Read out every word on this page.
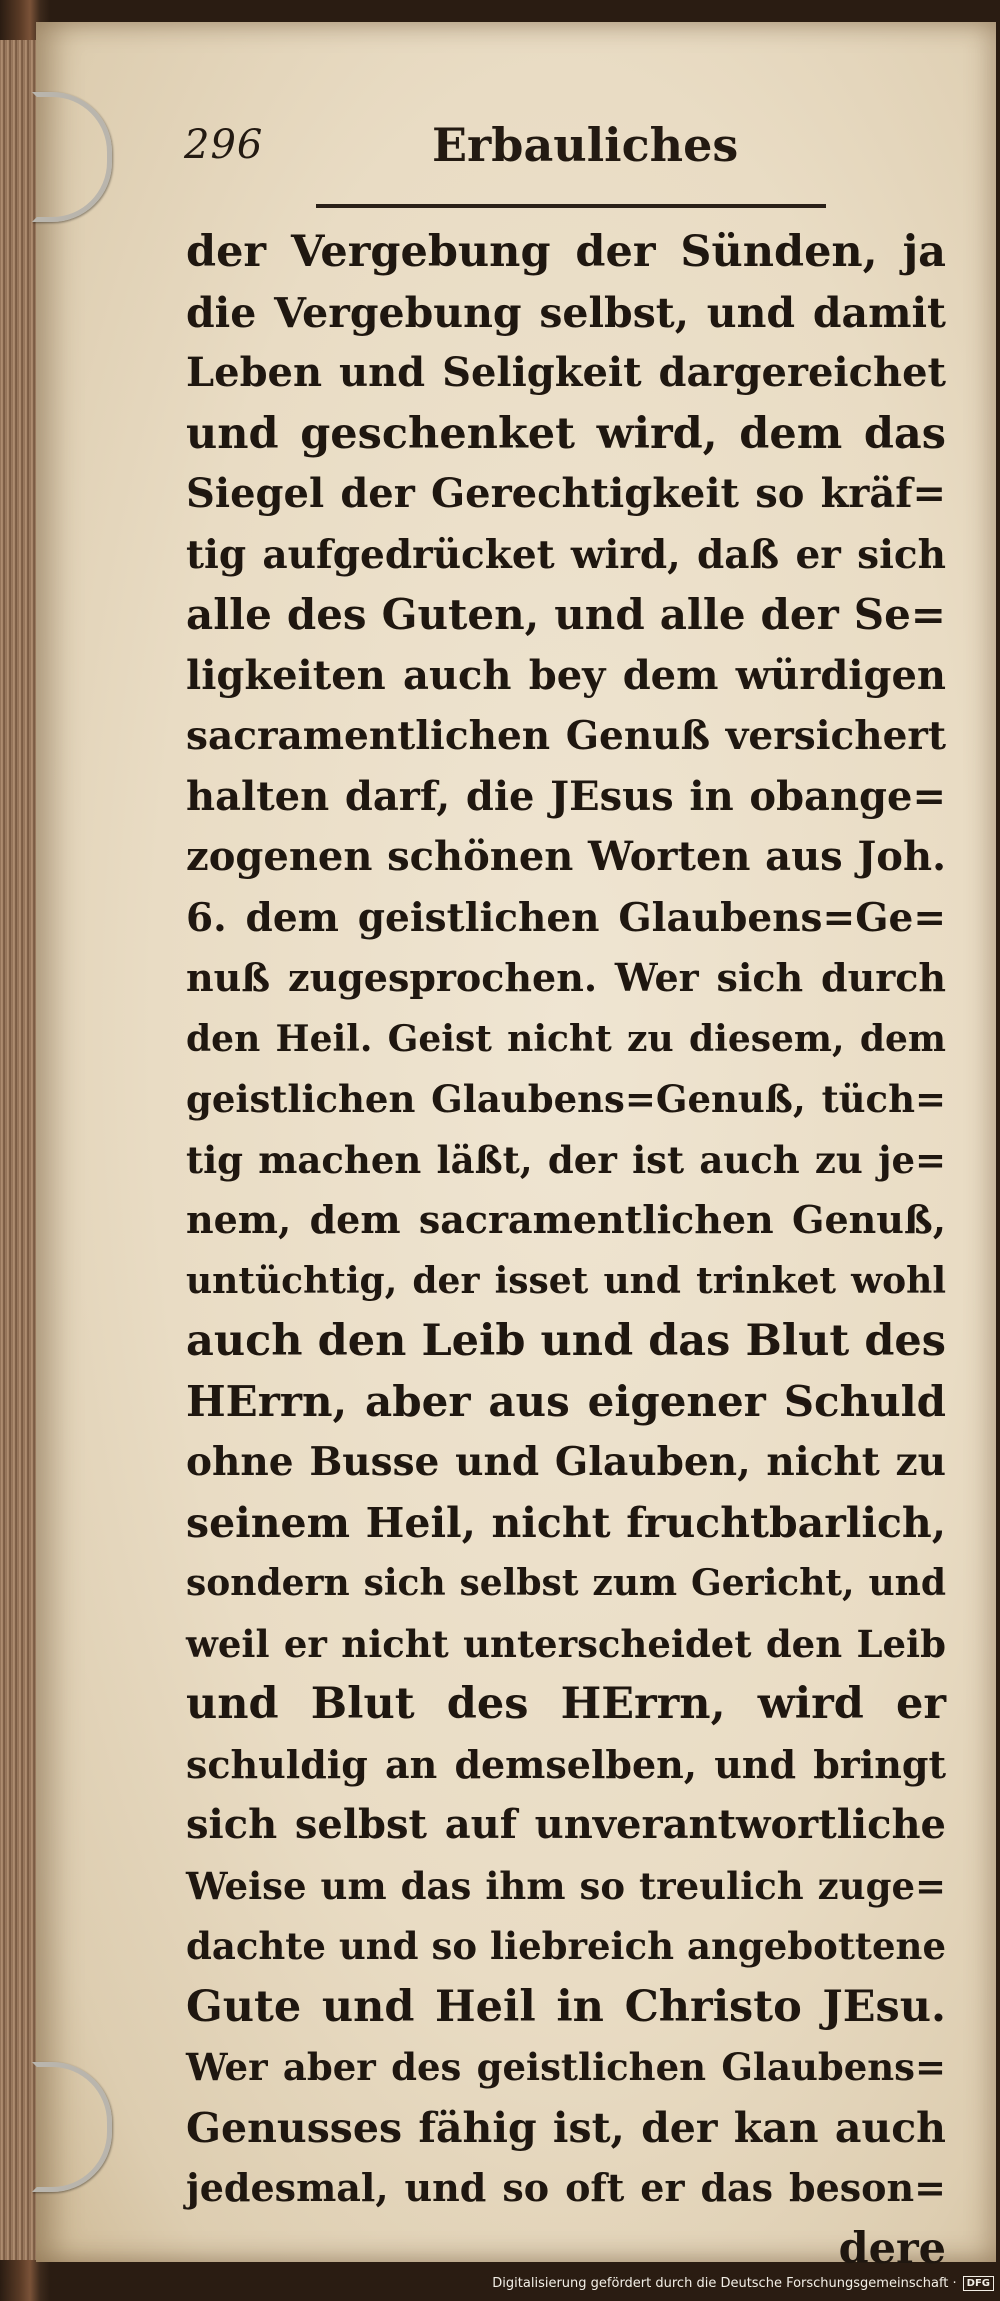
296	Erbauliches
der Vergebung der Sünden, ja
die Vergebung selbst, und damit
Leben und Seligkeit dargereichet
und geschenket wird, dem das
Siegel der Gerechtigkeit so kräf=
tig aufgedrücket wird, daß er sich
alle des Guten, und alle der Se=
ligkeiten auch bey dem würdigen
sacramentlichen Genuß versichert
halten darf, die JEsus in obange=
zogenen schönen Worten aus Joh.
6. dem geistlichen Glaubens=Ge=
nuß zugesprochen. Wer sich durch
den Heil. Geist nicht zu diesem, dem
geistlichen Glaubens=Genuß, tüch=
tig machen läßt, der ist auch zu je=
nem, dem sacramentlichen Genuß,
untüchtig, der isset und trinket wohl
auch den Leib und das Blut des
HErrn, aber aus eigener Schuld
ohne Busse und Glauben, nicht zu
seinem Heil, nicht fruchtbarlich,
sondern sich selbst zum Gericht, und
weil er nicht unterscheidet den Leib
und Blut des HErrn, wird er
schuldig an demselben, und bringt
sich selbst auf unverantwortliche
Weise um das ihm so treulich zuge=
dachte und so liebreich angebottene
Gute und Heil in Christo JEsu.
Wer aber des geistlichen Glaubens=
Genusses fähig ist, der kan auch
jedesmal, und so oft er das beson=
dere
Digitalisierung gefördert durch die Deutsche Forschungsgemeinschaft ·	DFG
